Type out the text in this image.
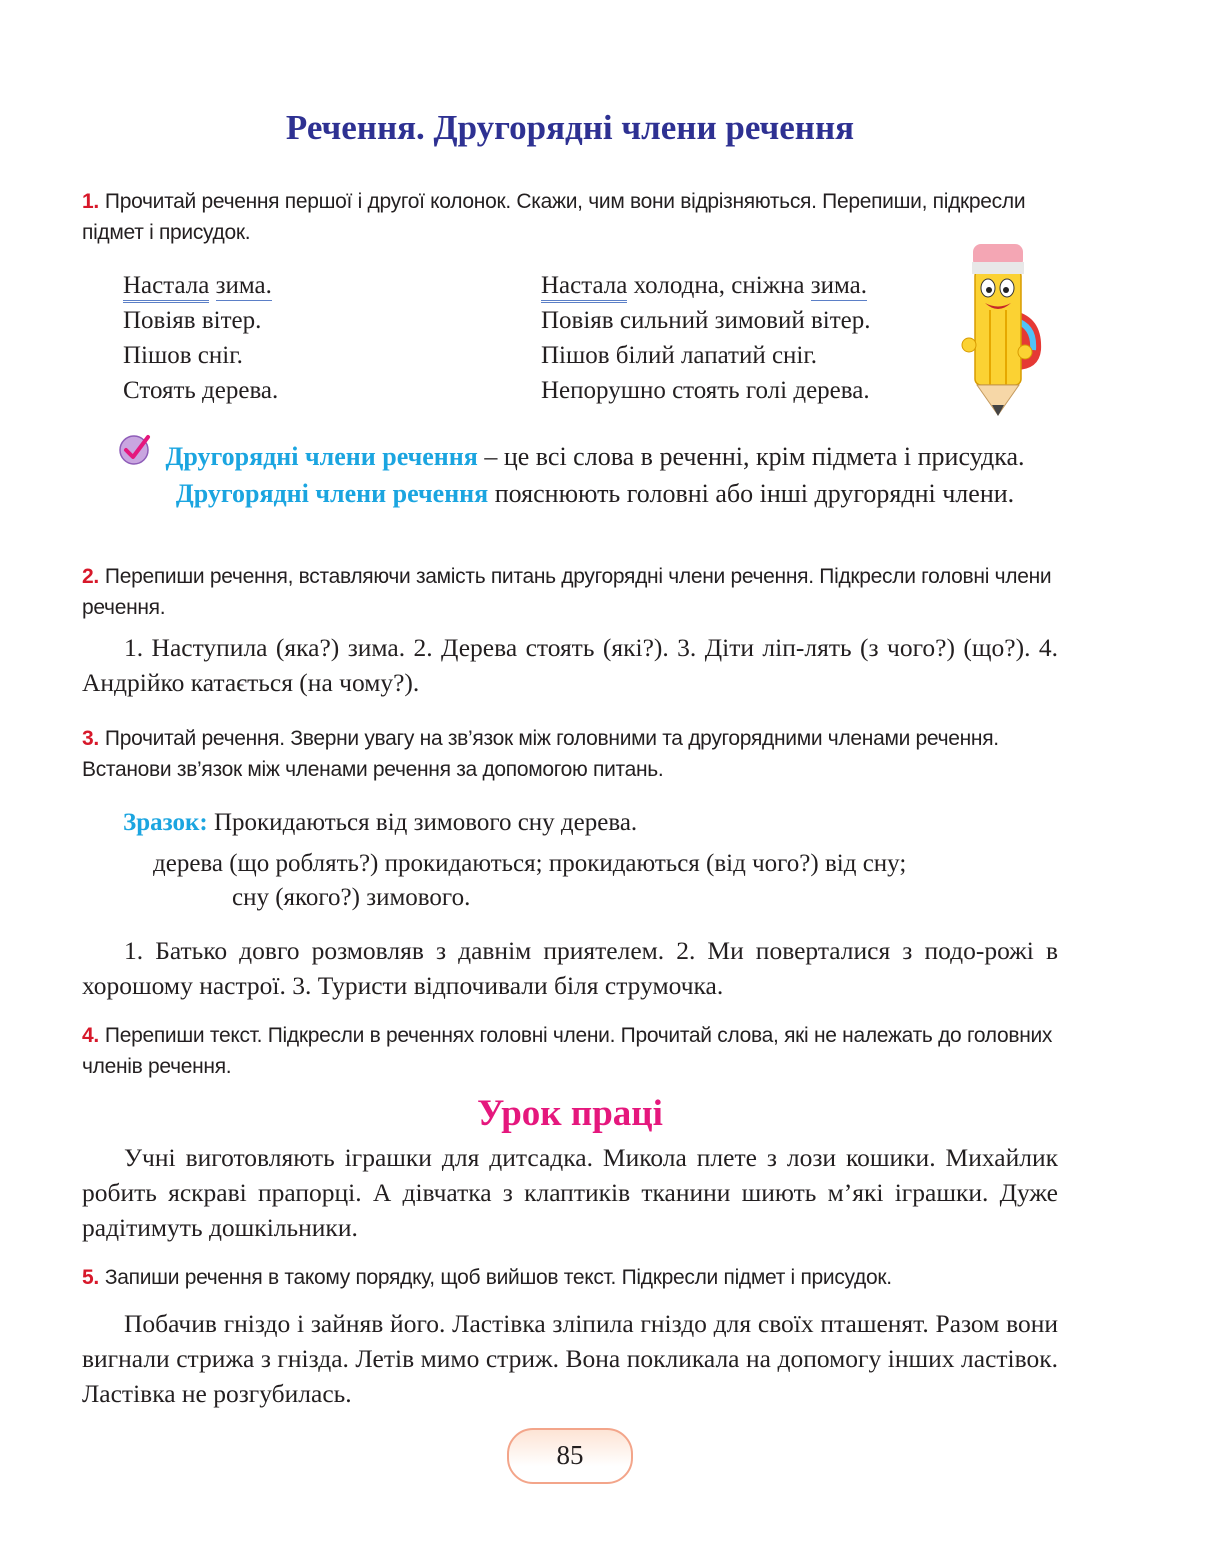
Речення. Другорядні члени речення
1. Прочитай речення першої і другої колонок. Скажи, чим вони відрізняються. Перепиши, підкресли підмет і присудок.
Настала зима.
Повіяв вітер.
Пішов сніг.
Стоять дерева.
Настала холодна, сніжна зима.
Повіяв сильний зимовий вітер.
Пішов білий лапатий сніг.
Непорушно стоять голі дерева.
Другорядні члени речення – це всі слова в реченні, крім підмета і присудка. Другорядні члени речення пояснюють головні або інші другорядні члени.
2. Перепиши речення, вставляючи замість питань другорядні члени речення. Підкресли головні члени речення.
1. Наступила (яка?) зима. 2. Дерева стоять (які?). 3. Діти ліп-лять (з чого?) (що?). 4. Андрійко катається (на чому?).
3. Прочитай речення. Зверни увагу на зв’язок між головними та другорядними членами речення. Встанови зв’язок між членами речення за допомогою питань.
Зразок: Прокидаються від зимового сну дерева.
дерева (що роблять?) прокидаються; прокидаються (від чого?) від сну;
сну (якого?) зимового.
1. Батько довго розмовляв з давнім приятелем. 2. Ми поверталися з подо-рожі в хорошому настрої. 3. Туристи відпочивали біля струмочка.
4. Перепиши текст. Підкресли в реченнях головні члени. Прочитай слова, які не належать до головних членів речення.
Урок праці
Учні виготовляють іграшки для дитсадка. Микола плете з лози кошики. Михайлик робить яскраві прапорці. А дівчатка з клаптиків тканини шиють м’які іграшки. Дуже радітимуть дошкільники.
5. Запиши речення в такому порядку, щоб вийшов текст. Підкресли підмет і присудок.
Побачив гніздо і зайняв його. Ластівка зліпила гніздо для своїх пташенят. Разом вони вигнали стрижа з гнізда. Летів мимо стриж. Вона покликала на допомогу інших ластівок. Ластівка не розгубилась.
85
